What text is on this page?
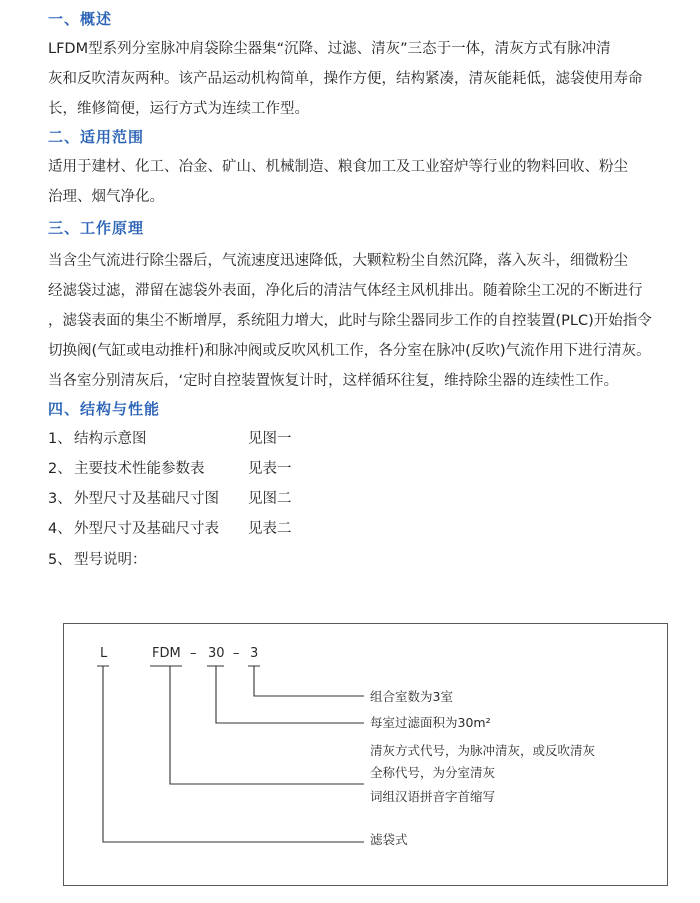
一、概述
LFDM型系列分室脉冲肩袋除尘器集“沉降、过滤、清灰”三态于一体，清灰方式有脉冲清
灰和反吹清灰两种。该产品运动机构简单，操作方便，结构紧凑，清灰能耗低，滤袋使用寿命
长，维修简便，运行方式为连续工作型。
二、适用范围
适用于建材、化工、冶金、矿山、机械制造、粮食加工及工业窑炉等行业的物料回收、粉尘
治理、烟气净化。
三、工作原理
当含尘气流进行除尘器后，气流速度迅速降低，大颗粒粉尘自然沉降，落入灰斗，细微粉尘
经滤袋过滤，滞留在滤袋外表面，净化后的清洁气体经主风机排出。随着除尘工况的不断进行
，滤袋表面的集尘不断增厚，系统阻力增大，此时与除尘器同步工作的自控装置(PLC)开始指令
切换阀(气缸或电动推杆)和脉冲阀或反吹风机工作，各分室在脉冲(反吹)气流作用下进行清灰。
当各室分别清灰后，‘定时自控装置恢复计时，这样循环往复，维持除尘器的连续性工作。
四、结构与性能
1、 结构示意图	见图一
2、 主要技术性能参数表	见表一
3、 外型尺寸及基础尺寸图 见图二
4、 外型尺寸及基础尺寸表 见表二
5、 型号说明：
L	FDM – 30 – 3
组合室数为3室
每室过滤面积为30m²
清灰方式代号，为脉冲清灰，或反吹清灰
全称代号，为分室清灰
词组汉语拼音字首缩写
滤袋式
